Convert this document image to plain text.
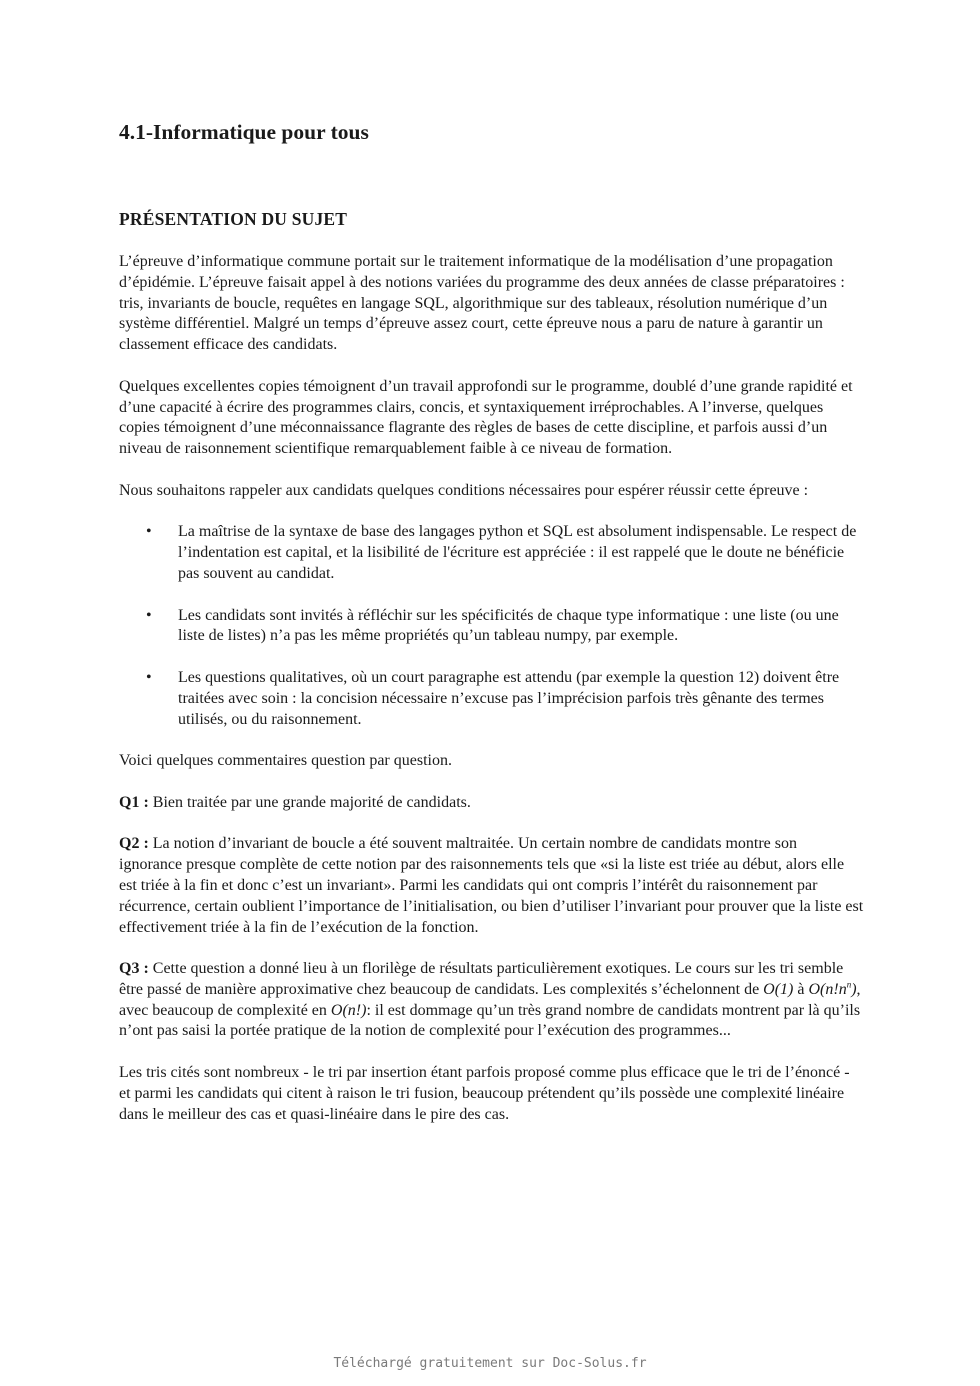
4.1-Informatique pour tous
PRÉSENTATION DU SUJET

L’épreuve d’informatique commune portait sur le traitement informatique de la modélisation d’une propagation d’épidémie. L’épreuve faisait appel à des notions variées du programme des deux années de classe préparatoires : tris, invariants de boucle, requêtes en langage SQL, algorithmique sur des tableaux, résolution numérique d’un système différentiel. Malgré un temps d’épreuve assez court, cette épreuve nous a paru de nature à garantir un classement efficace des candidats.

Quelques excellentes copies témoignent d’un travail approfondi sur le programme, doublé d’une grande rapidité et d’une capacité à écrire des programmes clairs, concis, et syntaxiquement irréprochables. A l’inverse, quelques copies témoignent d’une méconnaissance flagrante des règles de bases de cette discipline, et parfois aussi d’un niveau de raisonnement scientifique remarquablement faible à ce niveau de formation.

Nous souhaitons rappeler aux candidats quelques conditions nécessaires pour espérer réussir cette épreuve :

• La maîtrise de la syntaxe de base des langages python et SQL est absolument indispensable. Le respect de l’indentation est capital, et la lisibilité de l'écriture est appréciée : il est rappelé que le doute ne bénéficie pas souvent au candidat.
• Les candidats sont invités à réfléchir sur les spécificités de chaque type informatique : une liste (ou une liste de listes) n’a pas les même propriétés qu’un tableau numpy, par exemple.
• Les questions qualitatives, où un court paragraphe est attendu (par exemple la question 12) doivent être traitées avec soin : la concision nécessaire n’excuse pas l’imprécision parfois très gênante des termes utilisés, ou du raisonnement.

Voici quelques commentaires question par question.

Q1 : Bien traitée par une grande majorité de candidats.

Q2 : La notion d’invariant de boucle a été souvent maltraitée. Un certain nombre de candidats montre son ignorance presque complète de cette notion par des raisonnements tels que «si la liste est triée au début, alors elle est triée à la fin et donc c’est un invariant». Parmi les candidats qui ont compris l’intérêt du raisonnement par récurrence, certain oublient l’importance de l’initialisation, ou bien d’utiliser l’invariant pour prouver que la liste est effectivement triée à la fin de l’exécution de la fonction.

Q3 : Cette question a donné lieu à un florilège de résultats particulièrement exotiques. Le cours sur les tri semble être passé de manière approximative chez beaucoup de candidats. Les complexités s’échelonnent de O(1) à $O(n!n^n)$, avec beaucoup de complexité en O(n!): il est dommage qu’un très grand nombre de candidats montrent par là qu’ils n’ont pas saisi la portée pratique de la notion de complexité pour l’exécution des programmes...

Les tris cités sont nombreux - le tri par insertion étant parfois proposé comme plus efficace que le tri de l’énoncé - et parmi les candidats qui citent à raison le tri fusion, beaucoup prétendent qu’ils possède une complexité linéaire dans le meilleur des cas et quasi-linéaire dans le pire des cas.

Téléchargé gratuitement sur Doc-Solus.fr
